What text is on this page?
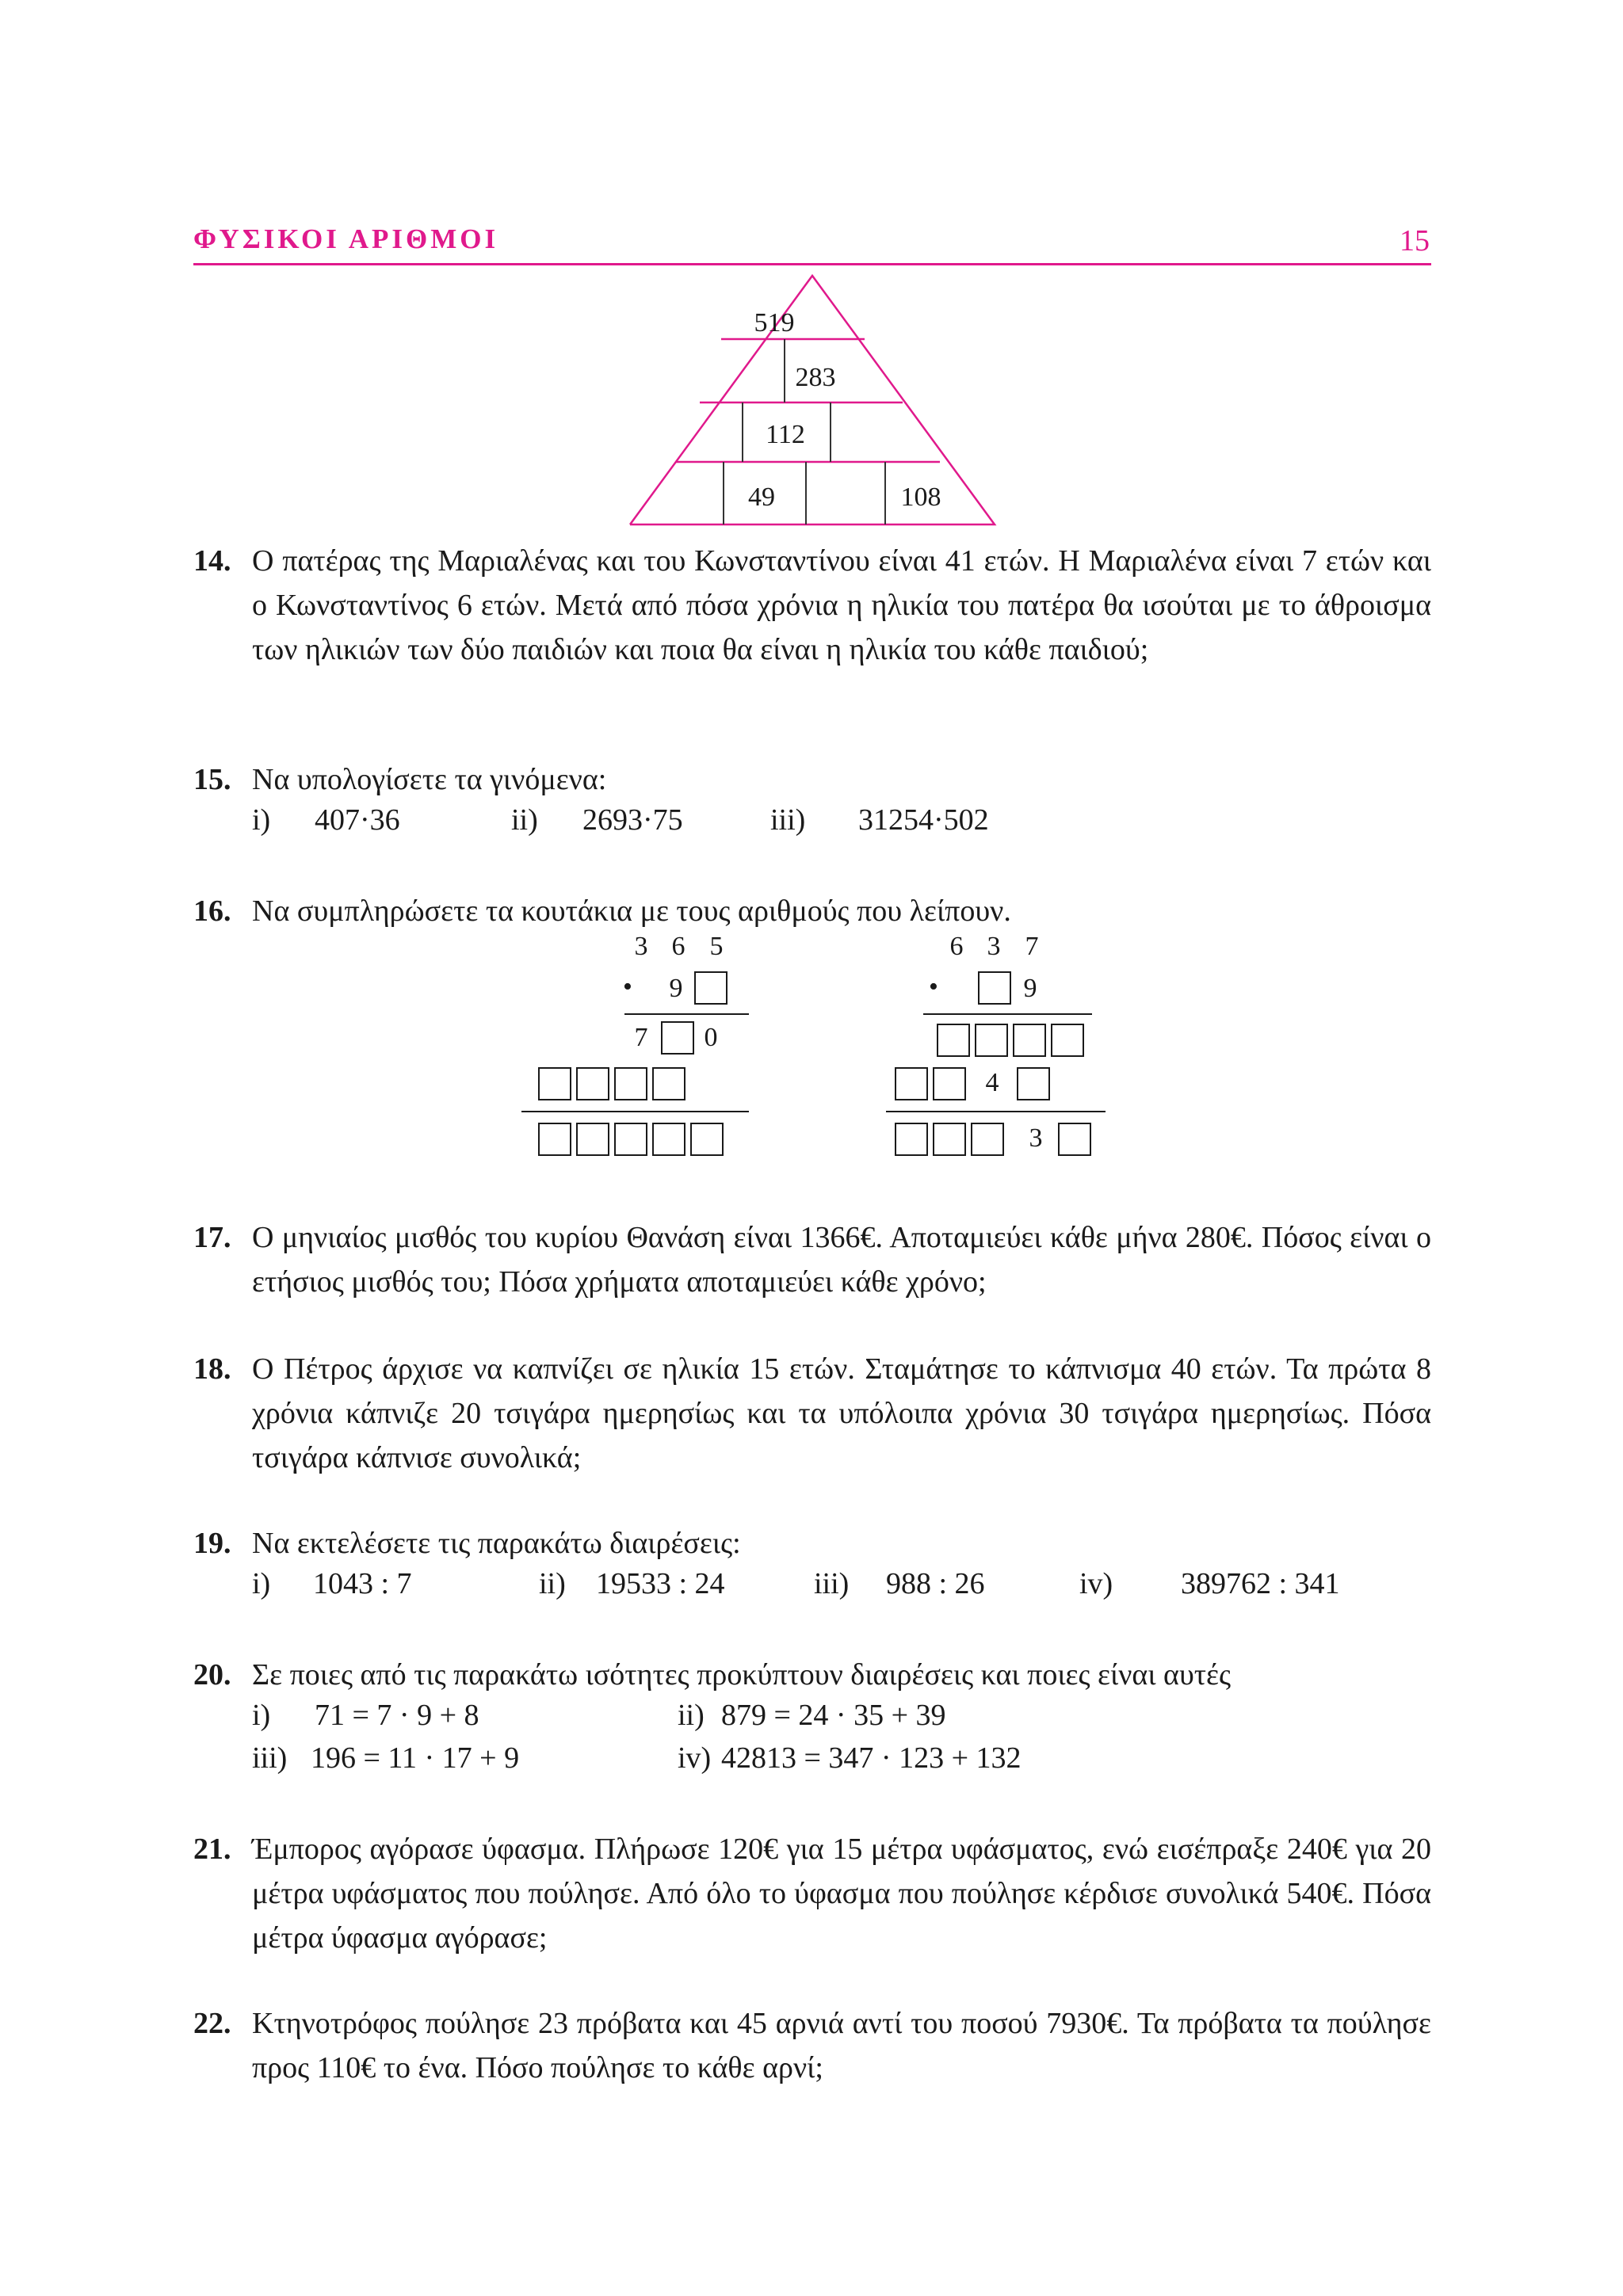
ΦΥΣΙΚΟΙ ΑΡΙΘΜΟΙ	15
519
283
112
49	108
14. Ο πατέρας της Μαριαλένας και του Κωνσταντίνου είναι 41 ετών. Η Μαριαλένα είναι 7 ετών και ο Κωνσταντίνος 6 ετών. Μετά από πόσα χρόνια η ηλικία του πατέρα θα ισούται με το άθροισμα των ηλικιών των δύο παιδιών και ποια θα είναι η ηλικία του κάθε παιδιού;
15. Να υπολογίσετε τα γινόμενα:
i) 407·36	ii) 2693·75	iii) 31254·502
16. Να συμπληρώσετε τα κουτάκια με τους αριθμούς που λείπουν.
3 6 5
• 9
7 0
6 3 7
•	9
4
3
17. Ο μηνιαίος μισθός του κυρίου Θανάση είναι 1366€. Αποταμιεύει κάθε μήνα 280€. Πόσος είναι ο ετήσιος μισθός του; Πόσα χρήματα αποταμιεύει κάθε χρόνο;
18. Ο Πέτρος άρχισε να καπνίζει σε ηλικία 15 ετών. Σταμάτησε το κάπνισμα 40 ετών. Τα πρώτα 8 χρόνια κάπνιζε 20 τσιγάρα ημερησίως και τα υπόλοιπα χρόνια 30 τσιγάρα ημερησίως. Πόσα τσιγάρα κάπνισε συνολικά;
19. Να εκτελέσετε τις παρακάτω διαιρέσεις:
i) 1043 : 7	ii) 19533 : 24	iii) 988 : 26	iv) 389762 : 341
20. Σε ποιες από τις παρακάτω ισότητες προκύπτουν διαιρέσεις και ποιες είναι αυτές
i) 71 = 7 · 9 + 8	ii) 879 = 24 · 35 + 39
iii) 196 = 11 · 17 + 9	iv) 42813 = 347 · 123 + 132
21. Έμπορος αγόρασε ύφασμα. Πλήρωσε 120€ για 15 μέτρα υφάσματος, ενώ εισέπραξε 240€ για 20 μέτρα υφάσματος που πούλησε. Από όλο το ύφασμα που πούλησε κέρδισε συνολικά 540€. Πόσα μέτρα ύφασμα αγόρασε;
22. Κτηνοτρόφος πούλησε 23 πρόβατα και 45 αρνιά αντί του ποσού 7930€. Τα πρόβατα τα πούλησε προς 110€ το ένα. Πόσο πούλησε το κάθε αρνί;
